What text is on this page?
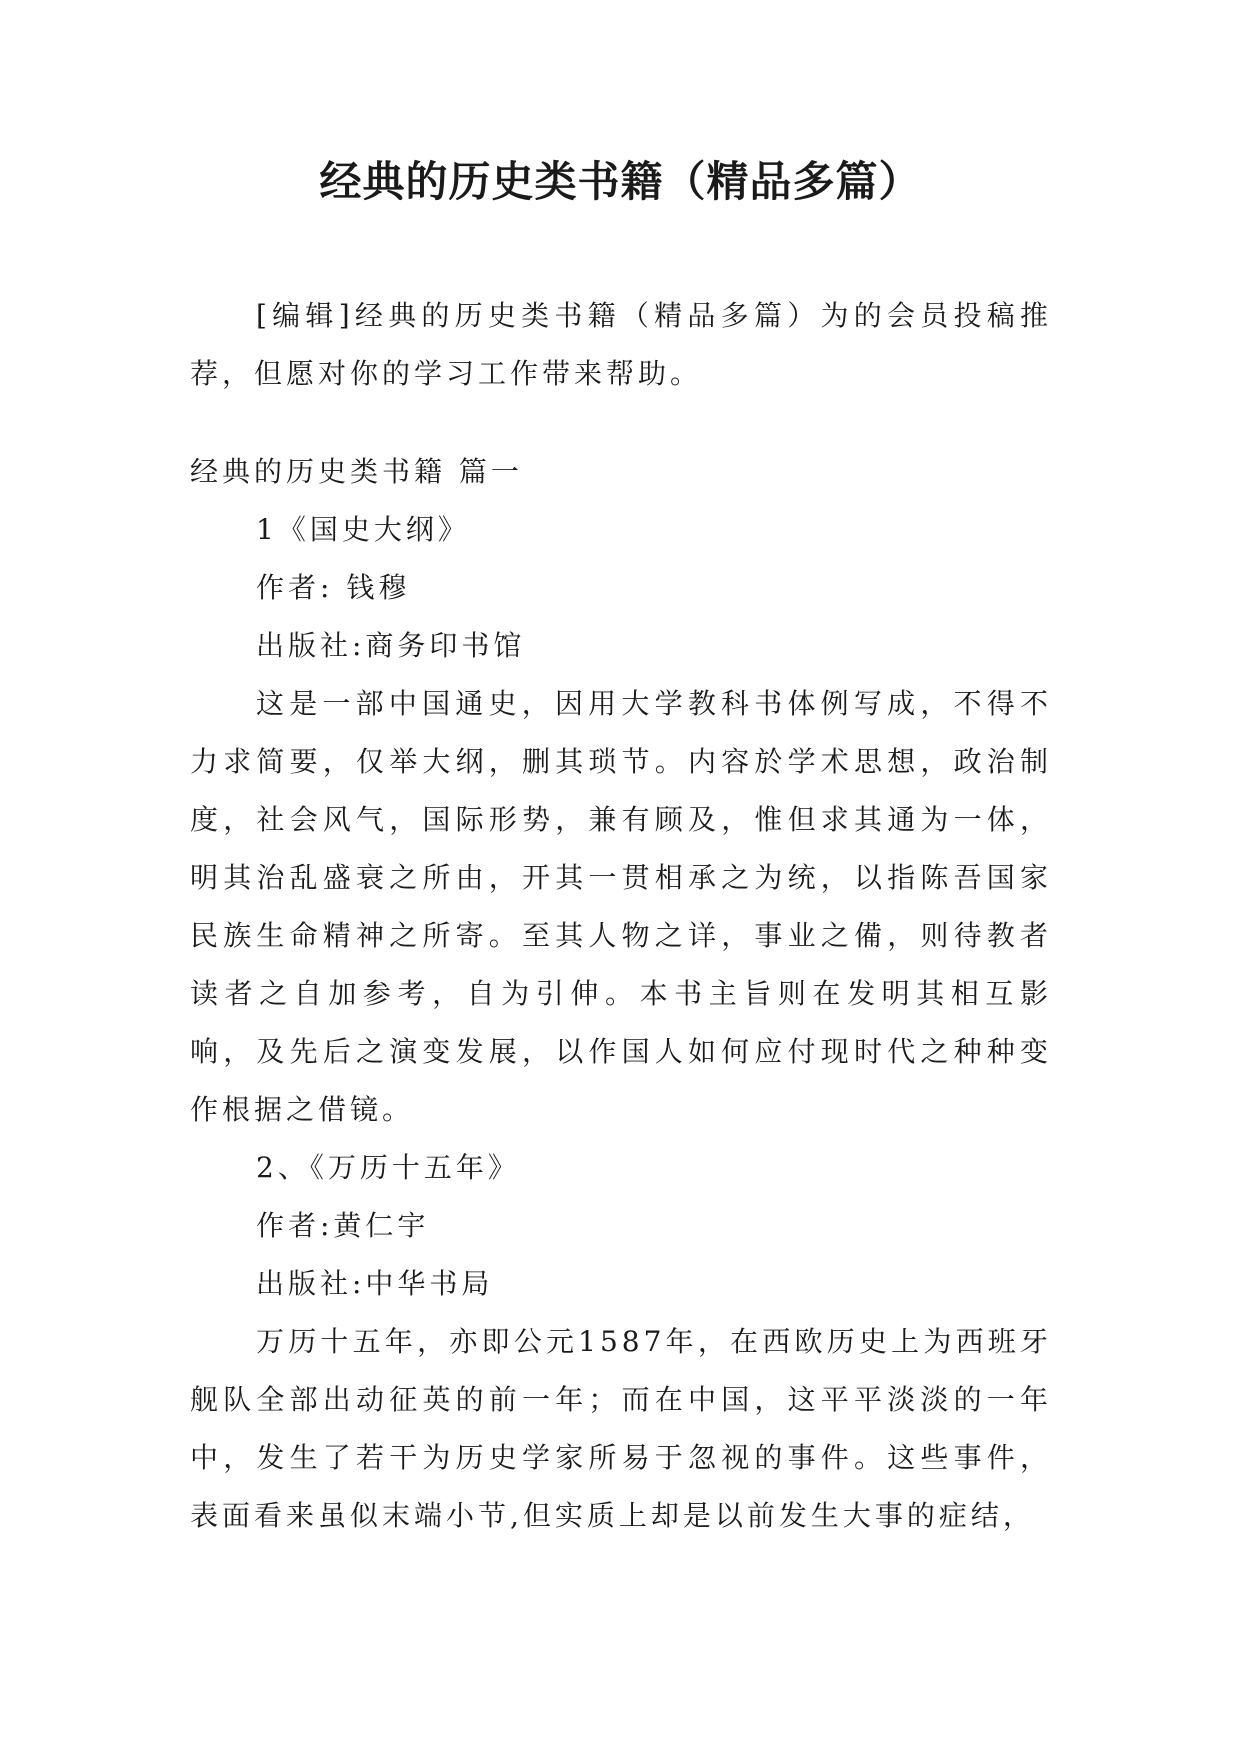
经典的历史类书籍（精品多篇）

[编辑]经典的历史类书籍（精品多篇）为的会员投稿推荐，但愿对你的学习工作带来帮助。

经典的历史类书籍 篇一

1《国史大纲》

作者: 钱穆

出版社:商务印书馆

这是一部中国通史，因用大学教科书体例写成，不得不力求简要，仅举大纲，删其琐节。内容於学术思想，政治制度，社会风气，国际形势，兼有顾及，惟但求其通为一体，明其治乱盛衰之所由，开其一贯相承之为统，以指陈吾国家民族生命精神之所寄。至其人物之详，事业之備，则待教者读者之自加参考，自为引伸。本书主旨则在发明其相互影响，及先后之演变发展，以作国人如何应付现时代之种种变作根据之借镜。

2、《万历十五年》

作者:黄仁宇

出版社:中华书局

万历十五年，亦即公元1587年，在西欧历史上为西班牙舰队全部出动征英的前一年；而在中国，这平平淡淡的一年中，发生了若干为历史学家所易于忽视的事件。这些事件，表面看来虽似末端小节,但实质上却是以前发生大事的症结，
